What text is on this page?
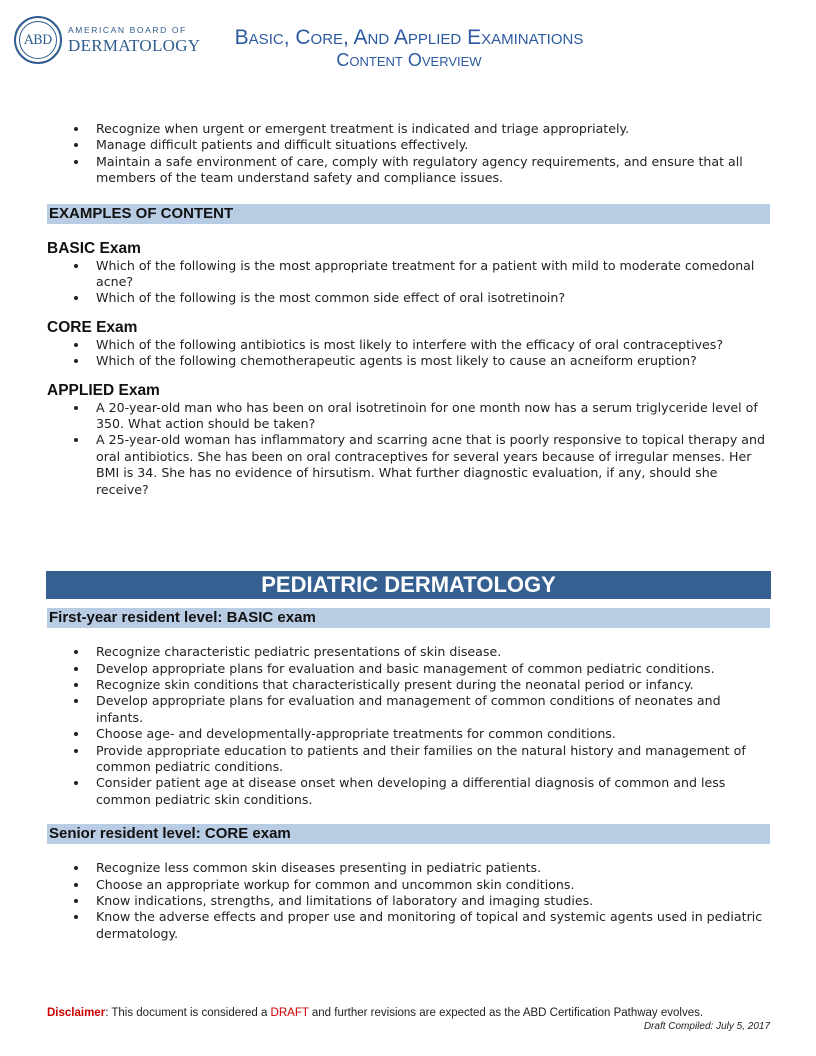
ABD
AMERICAN BOARD OF
DERMATOLOGY	Basic, Core, And Applied Examinations
Content Overview
Recognize when urgent or emergent treatment is indicated and triage appropriately.
Manage difficult patients and difficult situations effectively.
Maintain a safe environment of care, comply with regulatory agency requirements, and ensure that all members of the team understand safety and compliance issues.
EXAMPLES OF CONTENT
BASIC Exam
Which of the following is the most appropriate treatment for a patient with mild to moderate comedonal acne?
Which of the following is the most common side effect of oral isotretinoin?
CORE Exam
Which of the following antibiotics is most likely to interfere with the efficacy of oral contraceptives?
Which of the following chemotherapeutic agents is most likely to cause an acneiform eruption?
APPLIED Exam
A 20-year-old man who has been on oral isotretinoin for one month now has a serum triglyceride level of 350. What action should be taken?
A 25-year-old woman has inflammatory and scarring acne that is poorly responsive to topical therapy and oral antibiotics. She has been on oral contraceptives for several years because of irregular menses. Her BMI is 34. She has no evidence of hirsutism. What further diagnostic evaluation, if any, should she receive?
PEDIATRIC DERMATOLOGY
First-year resident level: BASIC exam
Recognize characteristic pediatric presentations of skin disease.
Develop appropriate plans for evaluation and basic management of common pediatric conditions.
Recognize skin conditions that characteristically present during the neonatal period or infancy.
Develop appropriate plans for evaluation and management of common conditions of neonates and infants.
Choose age- and developmentally-appropriate treatments for common conditions.
Provide appropriate education to patients and their families on the natural history and management of common pediatric conditions.
Consider patient age at disease onset when developing a differential diagnosis of common and less common pediatric skin conditions.
Senior resident level: CORE exam
Recognize less common skin diseases presenting in pediatric patients.
Choose an appropriate workup for common and uncommon skin conditions.
Know indications, strengths, and limitations of laboratory and imaging studies.
Know the adverse effects and proper use and monitoring of topical and systemic agents used in pediatric dermatology.
Disclaimer: This document is considered a DRAFT and further revisions are expected as the ABD Certification Pathway evolves.
Draft Compiled: July 5, 2017
